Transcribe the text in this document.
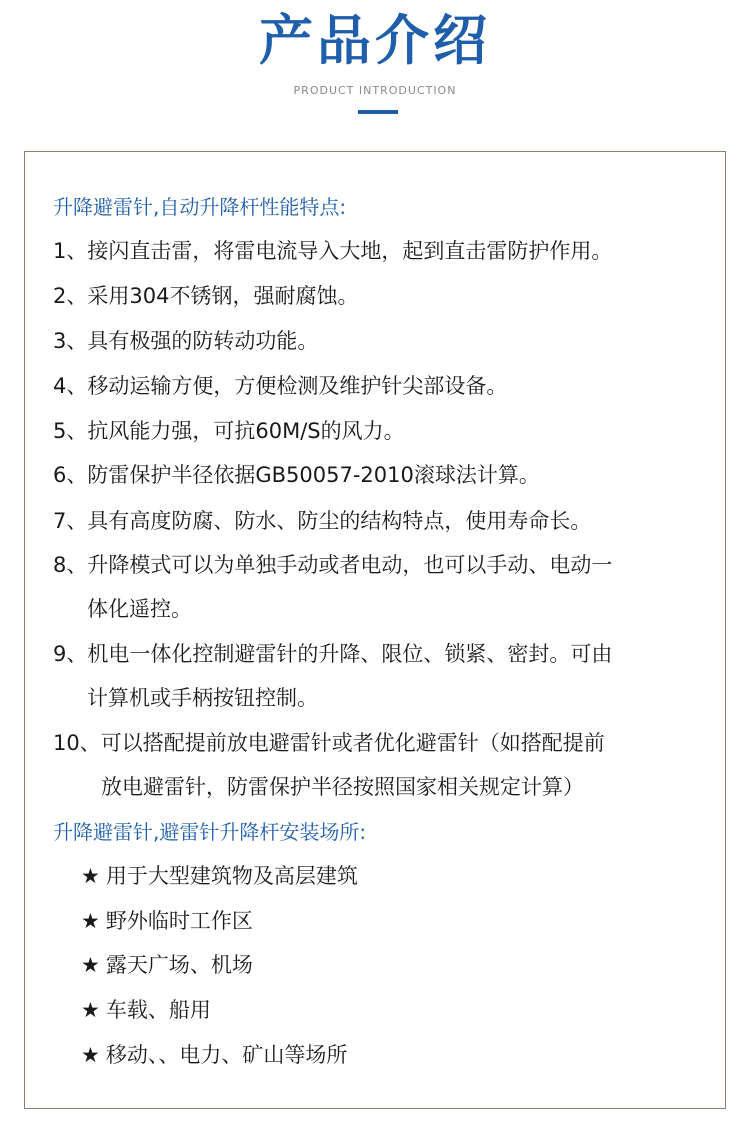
产品介绍
PRODUCT INTRODUCTION
升降避雷针,自动升降杆性能特点:
1、接闪直击雷，将雷电流导入大地，起到直击雷防护作用。
2、采用304不锈钢，强耐腐蚀。
3、具有极强的防转动功能。
4、移动运输方便，方便检测及维护针尖部设备。
5、抗风能力强，可抗60M/S的风力。
6、防雷保护半径依据GB50057-2010滚球法计算。
7、具有高度防腐、防水、防尘的结构特点，使用寿命长。
8、升降模式可以为单独手动或者电动，也可以手动、电动一
体化遥控。
9、机电一体化控制避雷针的升降、限位、锁紧、密封。可由
计算机或手柄按钮控制。
10、可以搭配提前放电避雷针或者优化避雷针（如搭配提前
放电避雷针，防雷保护半径按照国家相关规定计算）
升降避雷针,避雷针升降杆安装场所:
★ 用于大型建筑物及高层建筑
★ 野外临时工作区
★ 露天广场、机场
★ 车载、船用
★ 移动、、电力、矿山等场所
